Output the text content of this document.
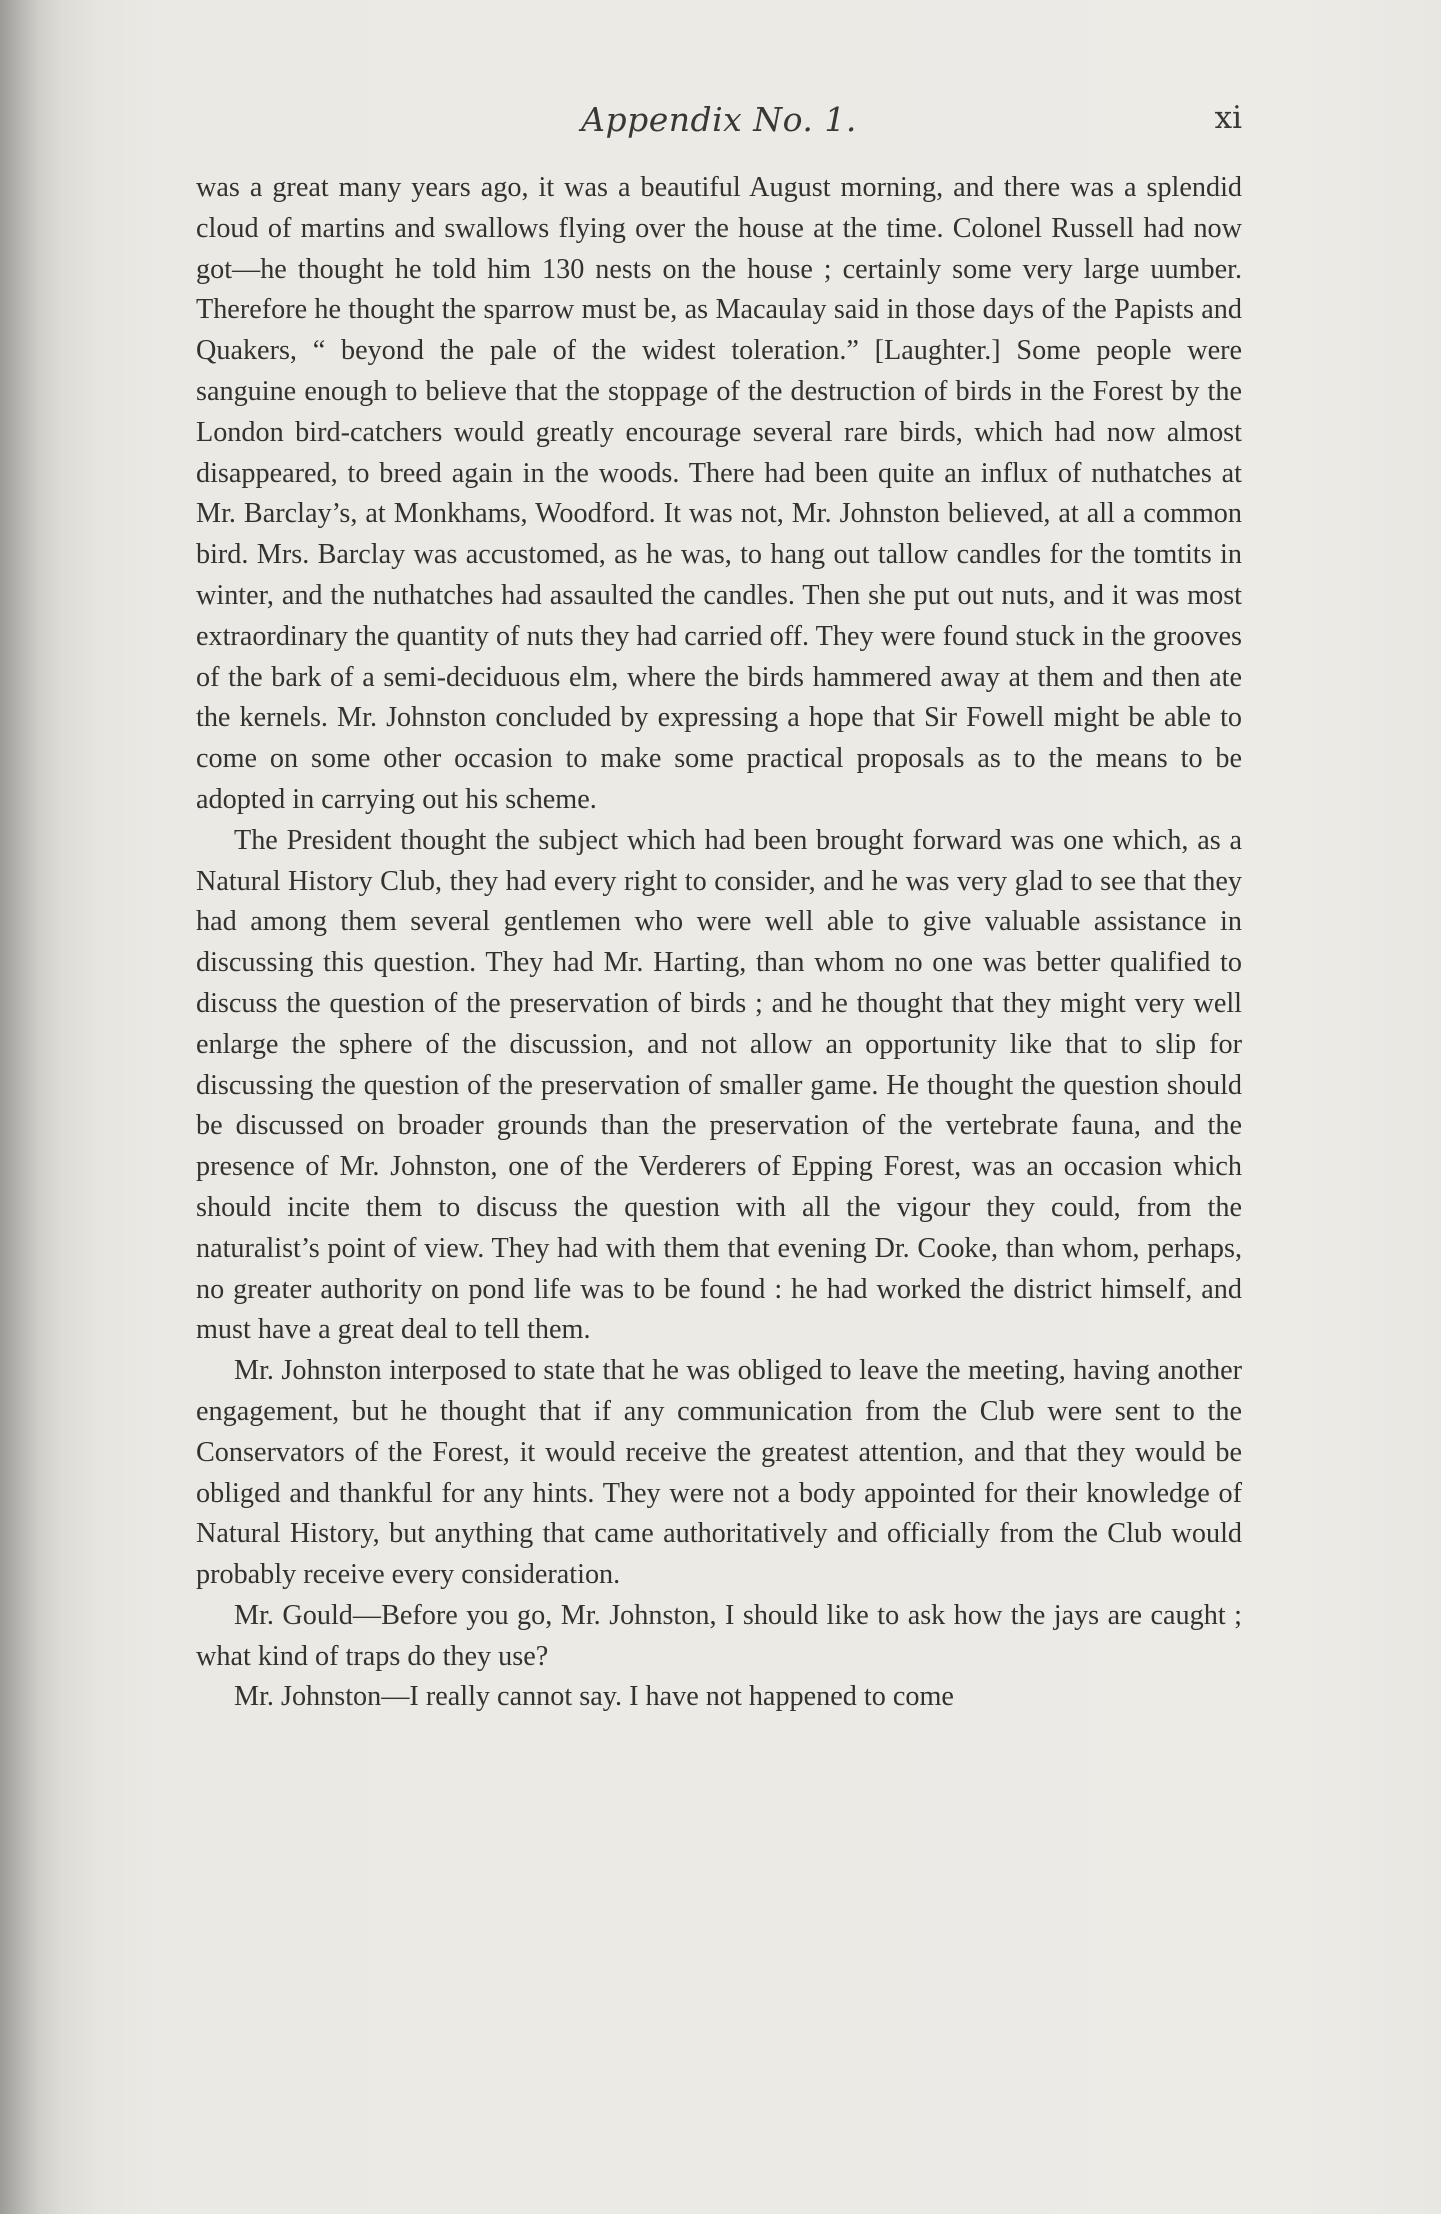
Appendix No. 1.	xi

was a great many years ago, it was a beautiful August morning, and there was a splendid cloud of martins and swallows flying over the house at the time. Colonel Russell had now got—he thought he told him 130 nests on the house ; certainly some very large uumber. Therefore he thought the sparrow must be, as Macaulay said in those days of the Papists and Quakers, “ beyond the pale of the widest toleration.” [Laughter.] Some people were sanguine enough to believe that the stoppage of the destruction of birds in the Forest by the London bird-catchers would greatly encourage several rare birds, which had now almost disappeared, to breed again in the woods. There had been quite an influx of nuthatches at Mr. Barclay’s, at Monkhams, Woodford. It was not, Mr. Johnston believed, at all a common bird. Mrs. Barclay was accustomed, as he was, to hang out tallow candles for the tomtits in winter, and the nuthatches had assaulted the candles. Then she put out nuts, and it was most extraordinary the quantity of nuts they had carried off. They were found stuck in the grooves of the bark of a semi-deciduous elm, where the birds hammered away at them and then ate the kernels. Mr. Johnston concluded by expressing a hope that Sir Fowell might be able to come on some other occasion to make some practical proposals as to the means to be adopted in carrying out his scheme.

The President thought the subject which had been brought forward was one which, as a Natural History Club, they had every right to consider, and he was very glad to see that they had among them several gentlemen who were well able to give valuable assistance in discussing this question. They had Mr. Harting, than whom no one was better qualified to discuss the question of the preservation of birds ; and he thought that they might very well enlarge the sphere of the discussion, and not allow an opportunity like that to slip for discussing the question of the preservation of smaller game. He thought the question should be discussed on broader grounds than the preservation of the vertebrate fauna, and the presence of Mr. Johnston, one of the Verderers of Epping Forest, was an occasion which should incite them to discuss the question with all the vigour they could, from the naturalist’s point of view. They had with them that evening Dr. Cooke, than whom, perhaps, no greater authority on pond life was to be found : he had worked the district himself, and must have a great deal to tell them.

Mr. Johnston interposed to state that he was obliged to leave the meeting, having another engagement, but he thought that if any communication from the Club were sent to the Conservators of the Forest, it would receive the greatest attention, and that they would be obliged and thankful for any hints. They were not a body appointed for their knowledge of Natural History, but anything that came authoritatively and officially from the Club would probably receive every consideration.

Mr. Gould—Before you go, Mr. Johnston, I should like to ask how the jays are caught ; what kind of traps do they use?

Mr. Johnston—I really cannot say. I have not happened to come
